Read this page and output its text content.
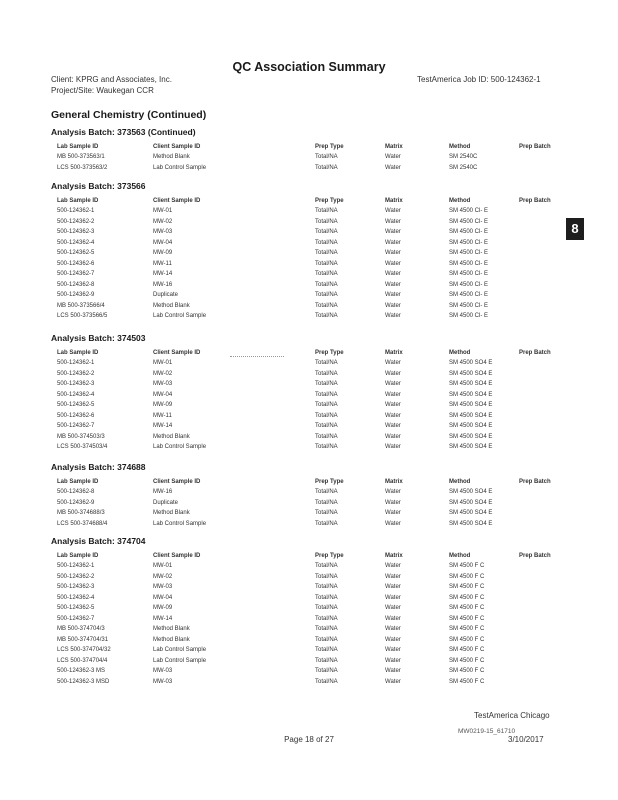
QC Association Summary
Client: KPRG and Associates, Inc.
Project/Site: Waukegan CCR
TestAmerica Job ID: 500-124362-1
General Chemistry (Continued)
8
Analysis Batch: 373563 (Continued)
Lab Sample ID	Client Sample ID	Prep Type	Matrix	Method	Prep Batch
MB 500-373563/1	Method Blank	Total/NA	Water	SM 2540C	
LCS 500-373563/2	Lab Control Sample	Total/NA	Water	SM 2540C	
Analysis Batch: 373566
Lab Sample ID	Client Sample ID	Prep Type	Matrix	Method	Prep Batch
500-124362-1	MW-01	Total/NA	Water	SM 4500 Cl- E	
500-124362-2	MW-02	Total/NA	Water	SM 4500 Cl- E	
500-124362-3	MW-03	Total/NA	Water	SM 4500 Cl- E	
500-124362-4	MW-04	Total/NA	Water	SM 4500 Cl- E	
500-124362-5	MW-09	Total/NA	Water	SM 4500 Cl- E	
500-124362-6	MW-11	Total/NA	Water	SM 4500 Cl- E	
500-124362-7	MW-14	Total/NA	Water	SM 4500 Cl- E	
500-124362-8	MW-16	Total/NA	Water	SM 4500 Cl- E	
500-124362-9	Duplicate	Total/NA	Water	SM 4500 Cl- E	
MB 500-373566/4	Method Blank	Total/NA	Water	SM 4500 Cl- E	
LCS 500-373566/5	Lab Control Sample	Total/NA	Water	SM 4500 Cl- E	
Analysis Batch: 374503
Lab Sample ID	Client Sample ID	Prep Type	Matrix	Method	Prep Batch
500-124362-1	MW-01	Total/NA	Water	SM 4500 SO4 E	
500-124362-2	MW-02	Total/NA	Water	SM 4500 SO4 E	
500-124362-3	MW-03	Total/NA	Water	SM 4500 SO4 E	
500-124362-4	MW-04	Total/NA	Water	SM 4500 SO4 E	
500-124362-5	MW-09	Total/NA	Water	SM 4500 SO4 E	
500-124362-6	MW-11	Total/NA	Water	SM 4500 SO4 E	
500-124362-7	MW-14	Total/NA	Water	SM 4500 SO4 E	
MB 500-374503/3	Method Blank	Total/NA	Water	SM 4500 SO4 E	
LCS 500-374503/4	Lab Control Sample	Total/NA	Water	SM 4500 SO4 E	
Analysis Batch: 374688
Lab Sample ID	Client Sample ID	Prep Type	Matrix	Method	Prep Batch
500-124362-8	MW-16	Total/NA	Water	SM 4500 SO4 E	
500-124362-9	Duplicate	Total/NA	Water	SM 4500 SO4 E	
MB 500-374688/3	Method Blank	Total/NA	Water	SM 4500 SO4 E	
LCS 500-374688/4	Lab Control Sample	Total/NA	Water	SM 4500 SO4 E	
Analysis Batch: 374704
Lab Sample ID	Client Sample ID	Prep Type	Matrix	Method	Prep Batch
500-124362-1	MW-01	Total/NA	Water	SM 4500 F C	
500-124362-2	MW-02	Total/NA	Water	SM 4500 F C	
500-124362-3	MW-03	Total/NA	Water	SM 4500 F C	
500-124362-4	MW-04	Total/NA	Water	SM 4500 F C	
500-124362-5	MW-09	Total/NA	Water	SM 4500 F C	
500-124362-7	MW-14	Total/NA	Water	SM 4500 F C	
MB 500-374704/3	Method Blank	Total/NA	Water	SM 4500 F C	
MB 500-374704/31	Method Blank	Total/NA	Water	SM 4500 F C	
LCS 500-374704/32	Lab Control Sample	Total/NA	Water	SM 4500 F C	
LCS 500-374704/4	Lab Control Sample	Total/NA	Water	SM 4500 F C	
500-124362-3 MS	MW-03	Total/NA	Water	SM 4500 F C	
500-124362-3 MSD	MW-03	Total/NA	Water	SM 4500 F C	
TestAmerica Chicago
MW0219-15_61710
Page 18 of 27	3/10/2017
